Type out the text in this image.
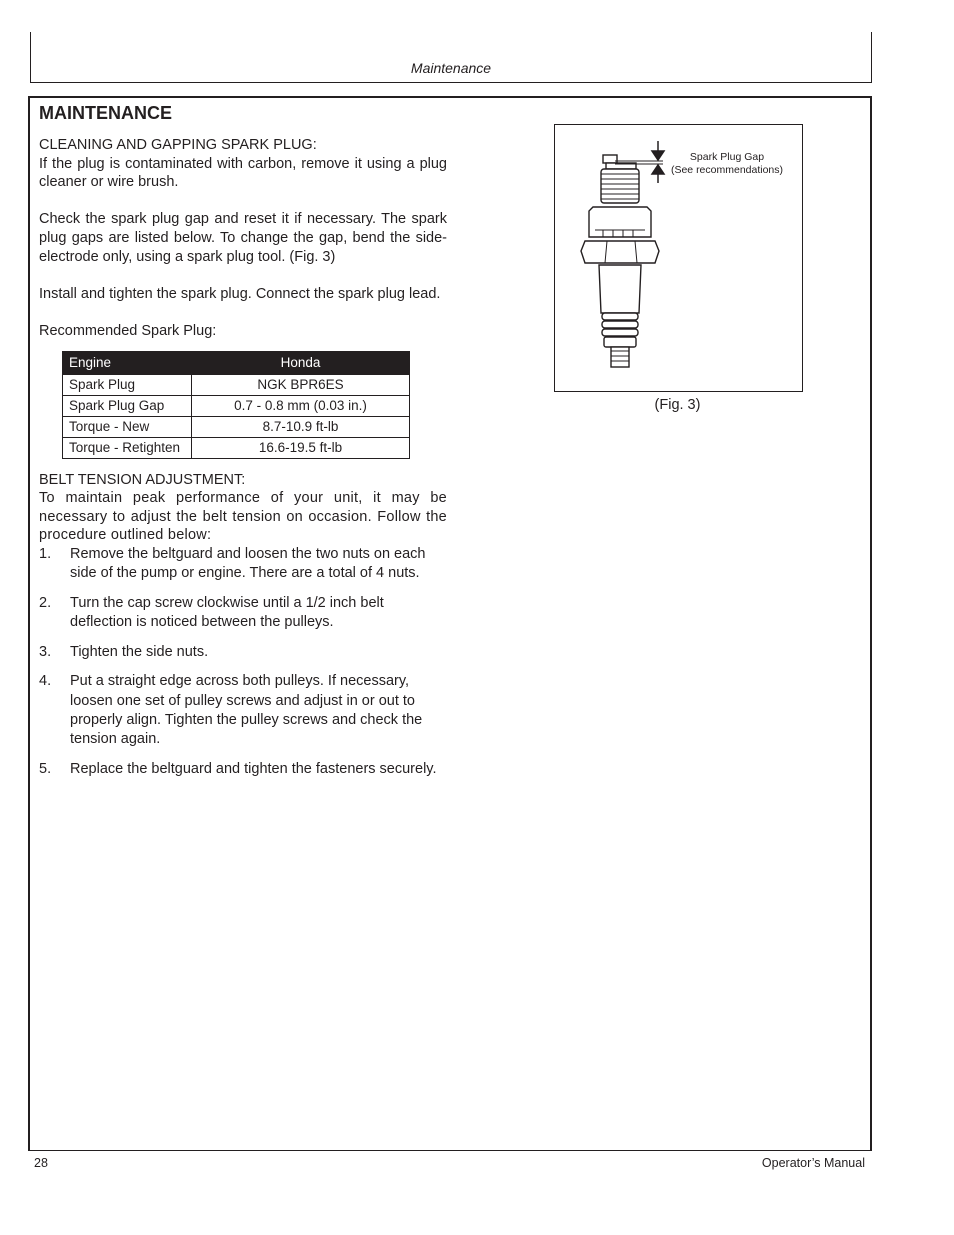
Maintenance
MAINTENANCE

CLEANING AND GAPPING SPARK PLUG:

If the plug is contaminated with carbon, remove it using a plug cleaner or wire brush.

Check the spark plug gap and reset it if necessary. The spark plug gaps are listed below. To change the gap, bend the side-electrode only, using a spark plug tool. (Fig. 3)

Install and tighten the spark plug. Connect the spark plug lead.

Recommended Spark Plug:

Engine	Honda
Spark Plug	NGK BPR6ES
Spark Plug Gap	0.7 - 0.8 mm (0.03 in.)
Torque - New	8.7-10.9 ft-lb
Torque - Retighten	16.6-19.5 ft-lb

BELT TENSION ADJUSTMENT:

To maintain peak performance of your unit, it may be necessary to adjust the belt tension on occasion. Follow the procedure outlined below:

1.	Remove the beltguard and loosen the two nuts on each side of the pump or engine. There are a total of 4 nuts.
2.	Turn the cap screw clockwise until a 1/2 inch belt deflection is noticed between the pulleys.
3.	Tighten the side nuts.
4.	Put a straight edge across both pulleys. If necessary, loosen one set of pulley screws and adjust in or out to properly align. Tighten the pulley screws and check the tension again.
5.	Replace the beltguard and tighten the fasteners securely.
Spark Plug Gap
(See recommendations)
(Fig. 3)
28	Operator’s Manual
